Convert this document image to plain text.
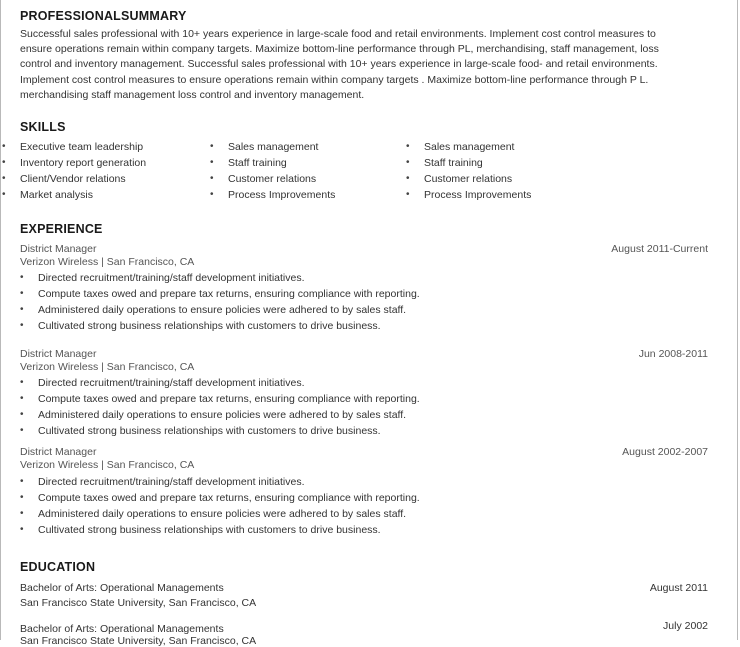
PROFESSIONALSUMMARY
Successful sales professional with 10+ years experience in large-scale food and retail environments. Implement cost control measures to
ensure operations remain within company targets. Maximize bottom-line performance through PL, merchandising, staff management, loss
control and inventory management. Successful sales professional with 10+ years experience in large-scale food- and retail environments.
Implement cost control measures to ensure operations remain within company targets . Maximize bottom-line performance through P L.
merchandising staff management loss control and inventory management.
SKILLS
• Executive team leadership
• Inventory report generation
• Client/Vendor relations
• Market analysis
• Sales management
• Staff training
• Customer relations
• Process Improvements
• Sales management
• Staff training
• Customer relations
• Process Improvements
EXPERIENCE
District Manager	August 2011-Current
Verizon Wireless | San Francisco, CA
• Directed recruitment/training/staff development initiatives.
• Compute taxes owed and prepare tax returns, ensuring compliance with reporting.
• Administered daily operations to ensure policies were adhered to by sales staff.
• Cultivated strong business relationships with customers to drive business.
District Manager	Jun 2008-2011
Verizon Wireless | San Francisco, CA
• Directed recruitment/training/staff development initiatives.
• Compute taxes owed and prepare tax returns, ensuring compliance with reporting.
• Administered daily operations to ensure policies were adhered to by sales staff.
• Cultivated strong business relationships with customers to drive business.
District Manager	August 2002-2007
Verizon Wireless | San Francisco, CA
• Directed recruitment/training/staff development initiatives.
• Compute taxes owed and prepare tax returns, ensuring compliance with reporting.
• Administered daily operations to ensure policies were adhered to by sales staff.
• Cultivated strong business relationships with customers to drive business.
EDUCATION
Bachelor of Arts: Operational Managements	August 2011
San Francisco State University, San Francisco, CA
Bachelor of Arts: Operational Managements	July 2002
San Francisco State University, San Francisco, CA
